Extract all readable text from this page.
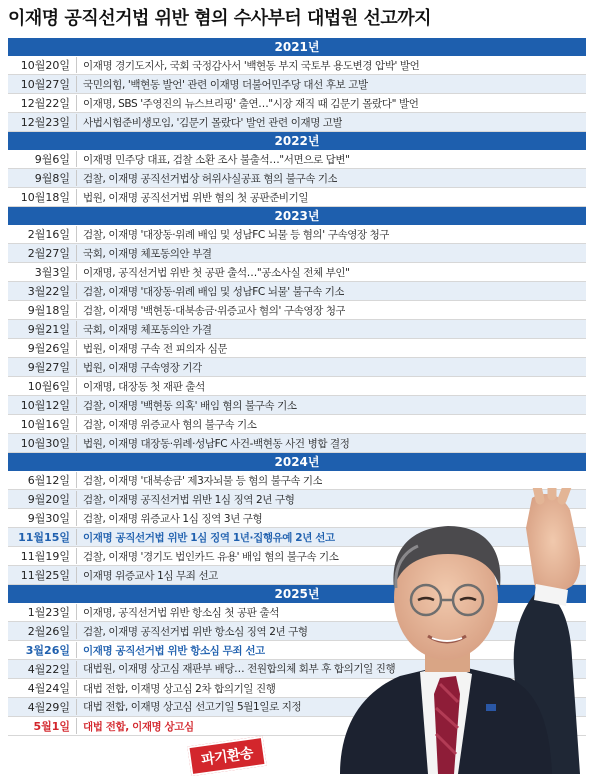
이재명 공직선거법 위반 혐의 수사부터 대법원 선고까지
2021년
10월20일	이재명 경기도지사, 국회 국정감사서 '백현동 부지 국토부 용도변경 압박' 발언
10월27일	국민의힘, '백현동 발언' 관련 이재명 더불어민주당 대선 후보 고발
12월22일	이재명, SBS '주영진의 뉴스브리핑' 출연…"시장 재직 때 김문기 몰랐다" 발언
12월23일	사법시험준비생모임, '김문기 몰랐다' 발언 관련 이재명 고발
2022년
9월6일	이재명 민주당 대표, 검찰 소환 조사 불출석…"서면으로 답변"
9월8일	검찰, 이재명 공직선거법상 허위사실공표 혐의 불구속 기소
10월18일	법원, 이재명 공직선거법 위반 혐의 첫 공판준비기일
2023년
2월16일	검찰, 이재명 '대장동·위례 배임 및 성남FC 뇌물 등 혐의' 구속영장 청구
2월27일	국회, 이재명 체포동의안 부결
3월3일	이재명, 공직선거법 위반 첫 공판 출석…"공소사실 전체 부인"
3월22일	검찰, 이재명 '대장동·위례 배임 및 성남FC 뇌물' 불구속 기소
9월18일	검찰, 이재명 '백현동·대북송금·위증교사 혐의' 구속영장 청구
9월21일	국회, 이재명 체포동의안 가결
9월26일	법원, 이재명 구속 전 피의자 심문
9월27일	법원, 이재명 구속영장 기각
10월6일	이재명, 대장동 첫 재판 출석
10월12일	검찰, 이재명 '백현동 의혹' 배임 혐의 불구속 기소
10월16일	검찰, 이재명 위증교사 혐의 불구속 기소
10월30일	법원, 이재명 대장동·위례·성남FC 사건-백현동 사건 병합 결정
2024년
6월12일	검찰, 이재명 '대북송금' 제3자뇌물 등 혐의 불구속 기소
9월20일	검찰, 이재명 공직선거법 위반 1심 징역 2년 구형
9월30일	검찰, 이재명 위증교사 1심 징역 3년 구형
11월15일	이재명 공직선거법 위반 1심 징역 1년·집행유예 2년 선고
11월19일	검찰, 이재명 '경기도 법인카드 유용' 배임 혐의 불구속 기소
11월25일	이재명 위증교사 1심 무죄 선고
2025년
1월23일	이재명, 공직선거법 위반 항소심 첫 공판 출석
2월26일	검찰, 이재명 공직선거법 위반 항소심 징역 2년 구형
3월26일	이재명 공직선거법 위반 항소심 무죄 선고
4월22일	대법원, 이재명 상고심 재판부 배당… 전원합의체 회부 후 합의기일 진행
4월24일	대법 전합, 이재명 상고심 2차 합의기일 진행
4월29일	대법 전합, 이재명 상고심 선고기일 5월1일로 지정
5월1일	대법 전합, 이재명 상고심
파기환송
